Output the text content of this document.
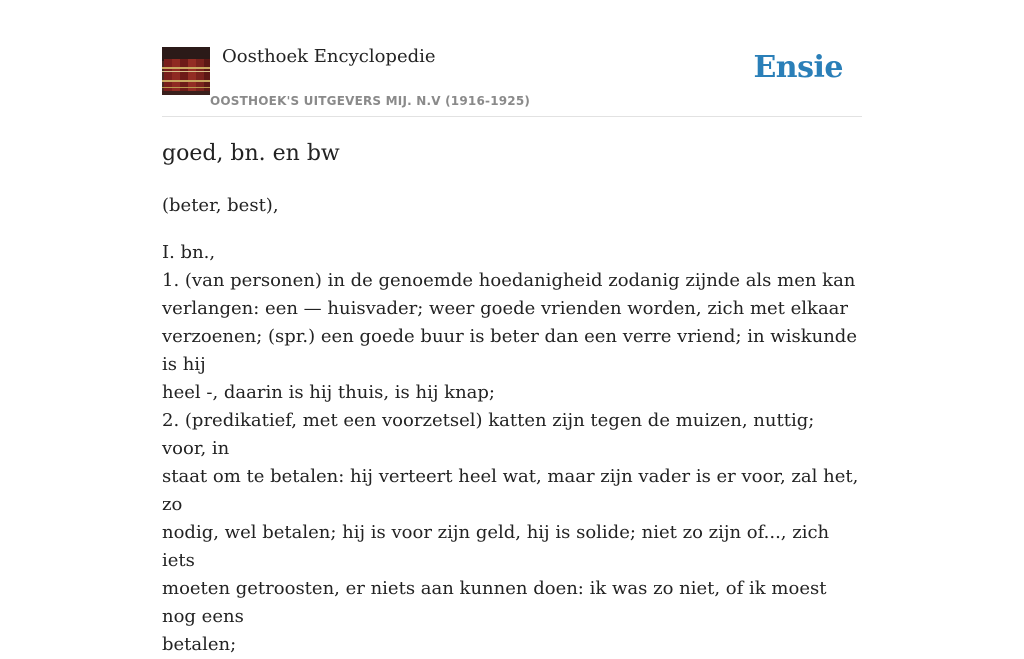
Oosthoek Encyclopedie
OOSTHOEK'S UITGEVERS MIJ. N.V (1916-1925)
Ensie
goed, bn. en bw

(beter, best),

I. bn.,
1. (van personen) in de genoemde hoedanigheid zodanig zijnde als men kan
verlangen: een — huisvader; weer goede vrienden worden, zich met elkaar
verzoenen; (spr.) een goede buur is beter dan een verre vriend; in wiskunde is hij
heel -, daarin is hij thuis, is hij knap;
2. (predikatief, met een voorzetsel) katten zijn tegen de muizen, nuttig; voor, in
staat om te betalen: hij verteert heel wat, maar zijn vader is er voor, zal het, zo
nodig, wel betalen; hij is voor zijn geld, hij is solide; niet zo zijn of..., zich iets
moeten getroosten, er niets aan kunnen doen: ik was zo niet, of ik moest nog eens
betalen;
